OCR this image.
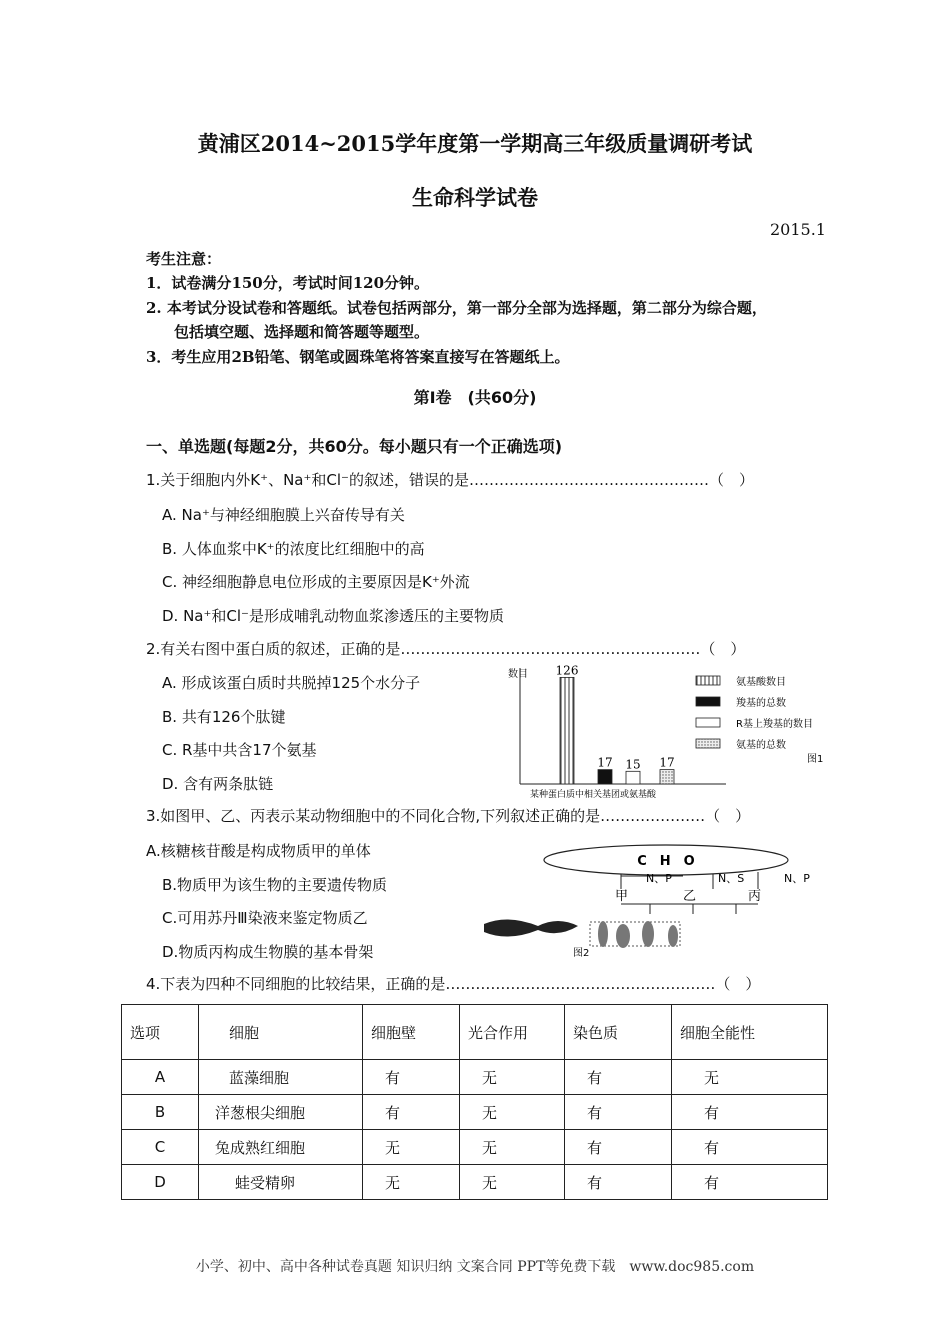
黄浦区2014~2015学年度第一学期高三年级质量调研考试
生命科学试卷
2015.1
考生注意：
1．试卷满分150分，考试时间120分钟。
2. 本考试分设试卷和答题纸。试卷包括两部分，第一部分全部为选择题，第二部分为综合题，
包括填空题、选择题和简答题等题型。
3．考生应用2B铅笔、钢笔或圆珠笔将答案直接写在答题纸上。
第Ⅰ卷　(共60分)
一、单选题(每题2分，共60分。每小题只有一个正确选项)
1.关于细胞内外K⁺、Na⁺和Cl⁻的叙述，错误的是…………………………………………（　）
A. Na⁺与神经细胞膜上兴奋传导有关
B. 人体血浆中K⁺的浓度比红细胞中的高
C. 神经细胞静息电位形成的主要原因是K⁺外流
D. Na⁺和Cl⁻是形成哺乳动物血浆渗透压的主要物质
2.有关右图中蛋白质的叙述，正确的是……………………………………………………（　）
A. 形成该蛋白质时共脱掉125个水分子
B. 共有126个肽键
C. R基中共含17个氨基
D. 含有两条肽链
数目 126
17 15 17
某种蛋白质中相关基团或氨基酸
氨基酸数目
羧基的总数
R基上羧基的数目
氨基的总数
图1
3.如图甲、乙、丙表示某动物细胞中的不同化合物,下列叙述正确的是…………………（　）
A.核糖核苷酸是构成物质甲的单体
B.物质甲为该生物的主要遗传物质
C.可用苏丹Ⅲ染液来鉴定物质乙
D.物质丙构成生物膜的基本骨架
C　H　O
N、P	N、S	N、P
甲	乙	丙
图2
4.下表为四种不同细胞的比较结果，正确的是………………………………………………（　）
选项	细胞	细胞壁	光合作用	染色质	细胞全能性
A	蓝藻细胞	有	无	有	无
B	洋葱根尖细胞	有	无	有	有
C	兔成熟红细胞	无	无	有	有
D	蛙受精卵	无	无	有	有
小学、初中、高中各种试卷真题 知识归纳 文案合同 PPT等免费下载　www.doc985.com
